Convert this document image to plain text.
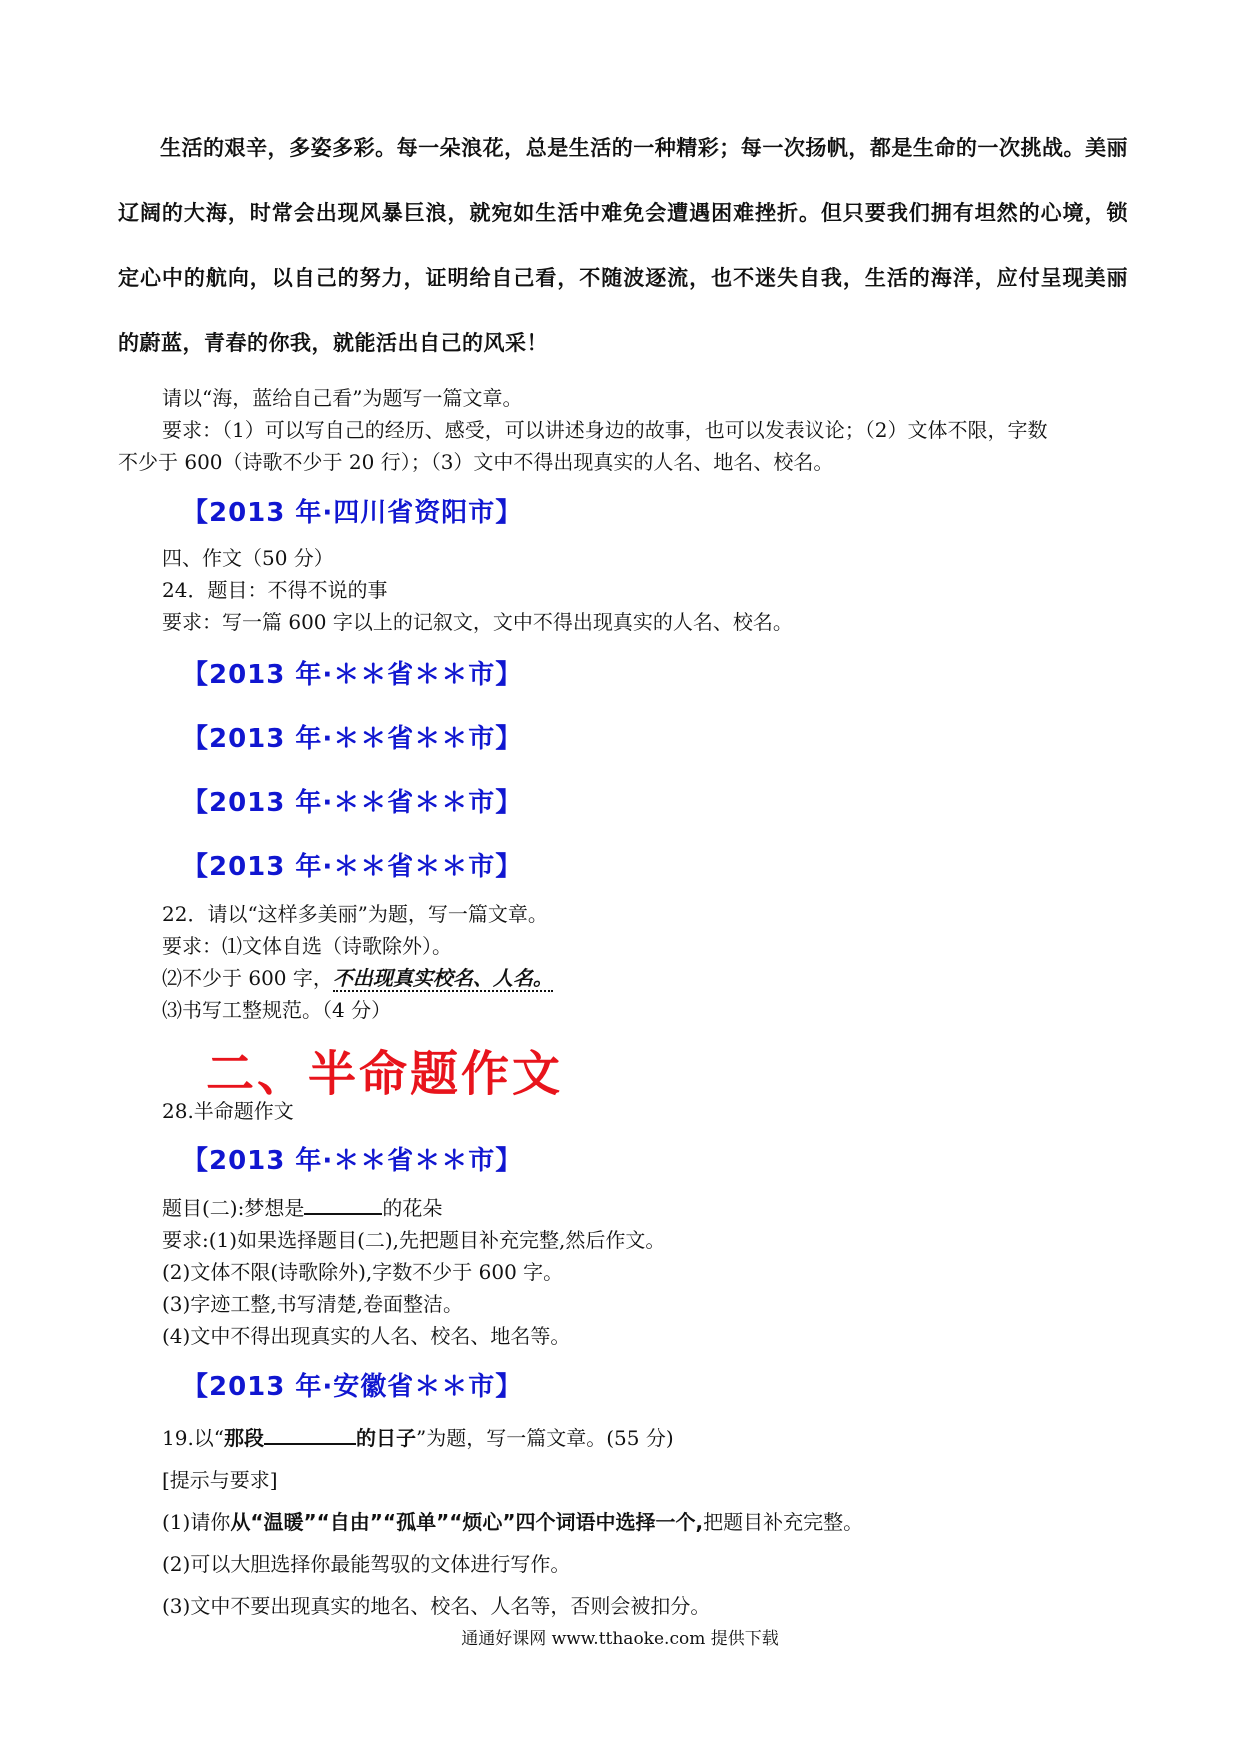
生活的艰辛，多姿多彩。每一朵浪花，总是生活的一种精彩；每一次扬帆，都是生命的一次挑战。美丽辽阔的大海，时常会出现风暴巨浪，就宛如生活中难免会遭遇困难挫折。但只要我们拥有坦然的心境，锁定心中的航向，以自己的努力，证明给自己看，不随波逐流，也不迷失自我，生活的海洋，应付呈现美丽的蔚蓝，青春的你我，就能活出自己的风采！
请以“海，蓝给自己看”为题写一篇文章。
要求：（1）可以写自己的经历、感受，可以讲述身边的故事，也可以发表议论；（2）文体不限，字数
不少于 600（诗歌不少于 20 行）；（3）文中不得出现真实的人名、地名、校名。
【2013 年·四川省资阳市】
四、作文（50 分）
24．题目：不得不说的事
要求：写一篇 600 字以上的记叙文，文中不得出现真实的人名、校名。
【2013 年·＊＊省＊＊市】
【2013 年·＊＊省＊＊市】
【2013 年·＊＊省＊＊市】
【2013 年·＊＊省＊＊市】
22．请以“这样多美丽”为题，写一篇文章。
要求：⑴文体自选（诗歌除外）。
⑵不少于 600 字，不出现真实校名、人名。
⑶书写工整规范。（4 分）
二、半命题作文
28.半命题作文
【2013 年·＊＊省＊＊市】
题目(二):梦想是	的花朵
要求:(1)如果选择题目(二),先把题目补充完整,然后作文。
(2)文体不限(诗歌除外),字数不少于 600 字。
(3)字迹工整,书写清楚,卷面整洁。
(4)文中不得出现真实的人名、校名、地名等。
【2013 年·安徽省＊＊市】
19.以“那段	的日子”为题，写一篇文章。(55 分)
[提示与要求]
(1)请你从“温暖”“自由”“孤单”“烦心”四个词语中选择一个,把题目补充完整。
(2)可以大胆选择你最能驾驭的文体进行写作。
(3)文中不要出现真实的地名、校名、人名等，否则会被扣分。
通通好课网 www.tthaoke.com 提供下载
